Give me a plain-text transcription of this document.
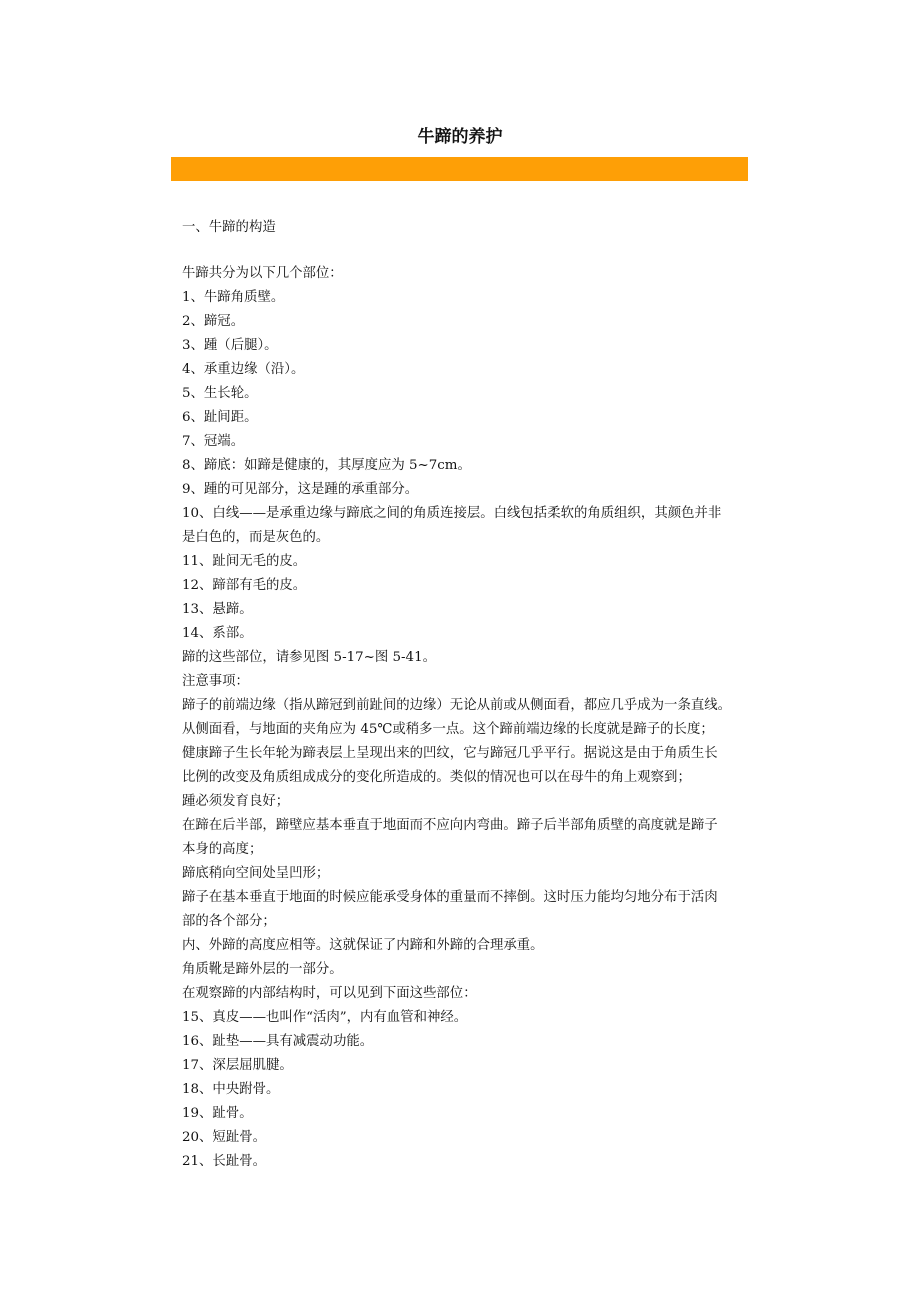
牛蹄的养护
一、牛蹄的构造
牛蹄共分为以下几个部位：
1、牛蹄角质壁。
2、蹄冠。
3、踵（后腿）。
4、承重边缘（沿）。
5、生长轮。
6、趾间距。
7、冠端。
8、蹄底：如蹄是健康的，其厚度应为 5~7cm。
9、踵的可见部分，这是踵的承重部分。
10、白线——是承重边缘与蹄底之间的角质连接层。白线包括柔软的角质组织，其颜色并非
是白色的，而是灰色的。
11、趾间无毛的皮。
12、蹄部有毛的皮。
13、悬蹄。
14、系部。
蹄的这些部位，请参见图 5-17~图 5-41。
注意事项：
蹄子的前端边缘（指从蹄冠到前趾间的边缘）无论从前或从侧面看，都应几乎成为一条直线。
从侧面看，与地面的夹角应为 45℃或稍多一点。这个蹄前端边缘的长度就是蹄子的长度；
健康蹄子生长年轮为蹄表层上呈现出来的凹纹，它与蹄冠几乎平行。据说这是由于角质生长
比例的改变及角质组成成分的变化所造成的。类似的情况也可以在母牛的角上观察到；
踵必须发育良好；
在蹄在后半部，蹄壁应基本垂直于地面而不应向内弯曲。蹄子后半部角质壁的高度就是蹄子
本身的高度；
蹄底稍向空间处呈凹形；
蹄子在基本垂直于地面的时候应能承受身体的重量而不摔倒。这时压力能均匀地分布于活肉
部的各个部分；
内、外蹄的高度应相等。这就保证了内蹄和外蹄的合理承重。
角质靴是蹄外层的一部分。
在观察蹄的内部结构时，可以见到下面这些部位：
15、真皮——也叫作“活肉”，内有血管和神经。
16、趾垫——具有减震动功能。
17、深层屈肌腱。
18、中央跗骨。
19、趾骨。
20、短趾骨。
21、长趾骨。
